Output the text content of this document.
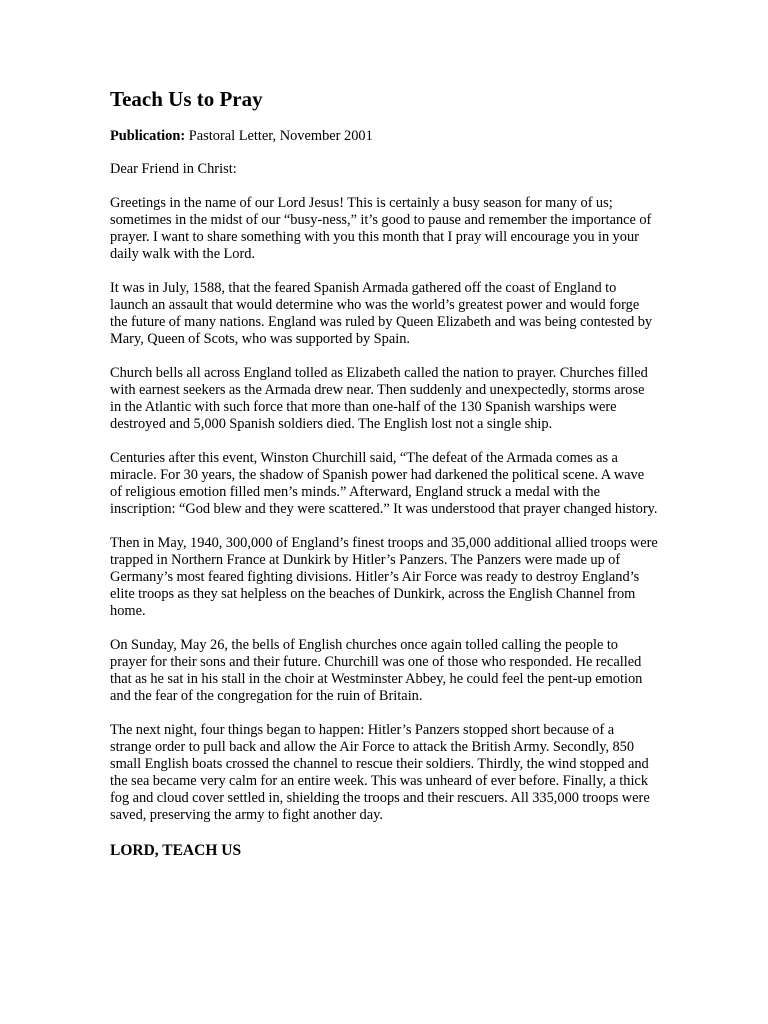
Teach Us to Pray

Publication: Pastoral Letter, November 2001

Dear Friend in Christ:

Greetings in the name of our Lord Jesus! This is certainly a busy season for many of us; sometimes in the midst of our “busy-ness,” it’s good to pause and remember the importance of prayer. I want to share something with you this month that I pray will encourage you in your daily walk with the Lord.

It was in July, 1588, that the feared Spanish Armada gathered off the coast of England to launch an assault that would determine who was the world’s greatest power and would forge the future of many nations. England was ruled by Queen Elizabeth and was being contested by Mary, Queen of Scots, who was supported by Spain.

Church bells all across England tolled as Elizabeth called the nation to prayer. Churches filled with earnest seekers as the Armada drew near. Then suddenly and unexpectedly, storms arose in the Atlantic with such force that more than one-half of the 130 Spanish warships were destroyed and 5,000 Spanish soldiers died. The English lost not a single ship.

Centuries after this event, Winston Churchill said, “The defeat of the Armada comes as a miracle. For 30 years, the shadow of Spanish power had darkened the political scene. A wave of religious emotion filled men’s minds.” Afterward, England struck a medal with the inscription: “God blew and they were scattered.” It was understood that prayer changed history.

Then in May, 1940, 300,000 of England’s finest troops and 35,000 additional allied troops were trapped in Northern France at Dunkirk by Hitler’s Panzers. The Panzers were made up of Germany’s most feared fighting divisions. Hitler’s Air Force was ready to destroy England’s elite troops as they sat helpless on the beaches of Dunkirk, across the English Channel from home.

On Sunday, May 26, the bells of English churches once again tolled calling the people to prayer for their sons and their future. Churchill was one of those who responded. He recalled that as he sat in his stall in the choir at Westminster Abbey, he could feel the pent-up emotion and the fear of the congregation for the ruin of Britain.

The next night, four things began to happen: Hitler’s Panzers stopped short because of a strange order to pull back and allow the Air Force to attack the British Army. Secondly, 850 small English boats crossed the channel to rescue their soldiers. Thirdly, the wind stopped and the sea became very calm for an entire week. This was unheard of ever before. Finally, a thick fog and cloud cover settled in, shielding the troops and their rescuers. All 335,000 troops were saved, preserving the army to fight another day.

LORD, TEACH US
